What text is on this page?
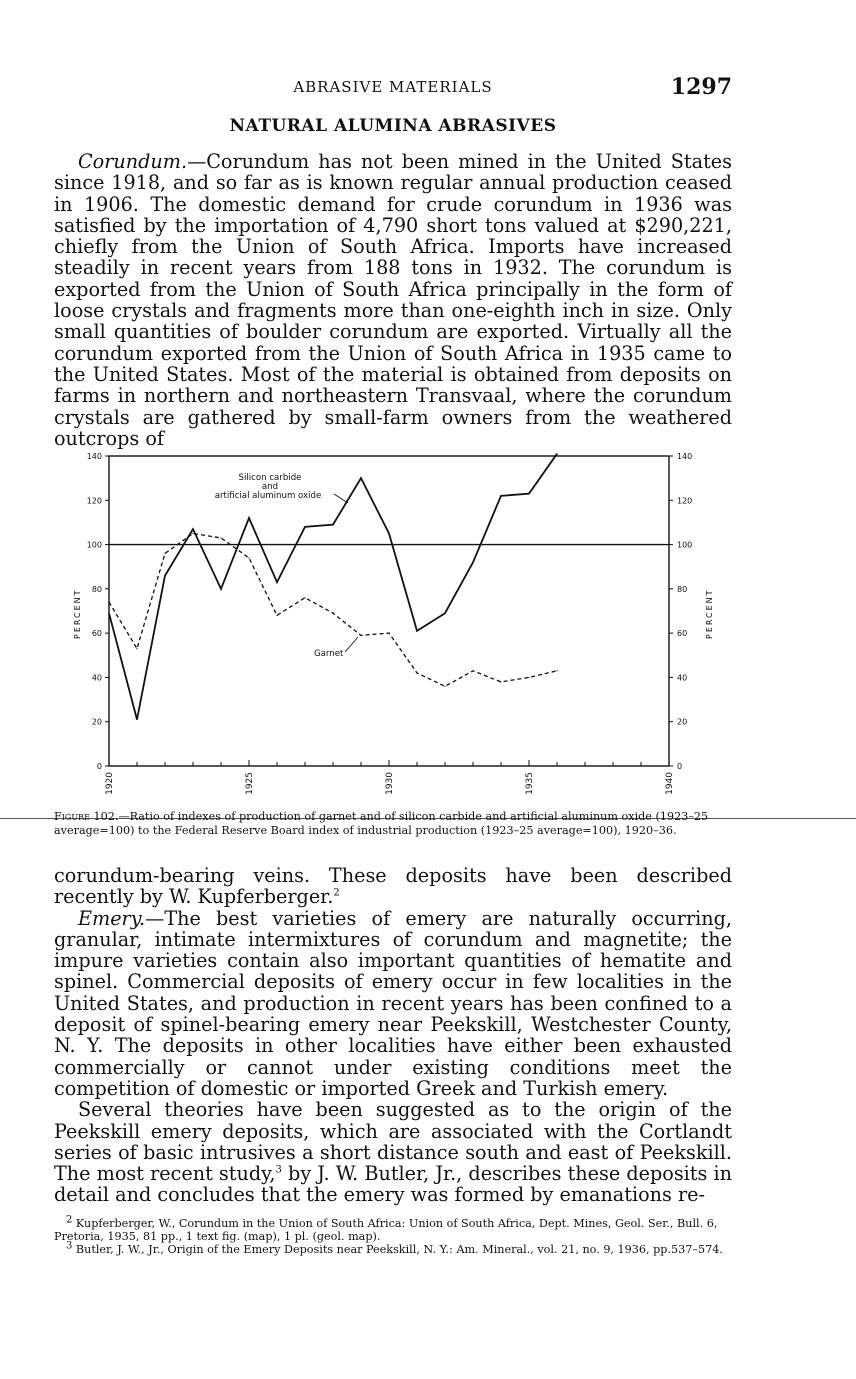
ABRASIVE MATERIALS	1297
NATURAL ALUMINA ABRASIVES

Corundum.—Corundum has not been mined in the United States since 1918, and so far as is known regular annual production ceased in 1906. The domestic demand for crude corundum in 1936 was satisfied by the importation of 4,790 short tons valued at $290,221, chiefly from the Union of South Africa. Imports have increased steadily in recent years from 188 tons in 1932. The corundum is exported from the Union of South Africa principally in the form of loose crystals and fragments more than one-eighth inch in size. Only small quantities of boulder corundum are exported. Virtually all the corundum exported from the Union of South Africa in 1935 came to the United States. Most of the material is obtained from deposits on farms in northern and northeastern Transvaal, where the corundum crystals are gathered by small-farm owners from the weathered outcrops of

0	0
20	20
40	40
60	60
80	80
100	100
120	120
140	140
1920	1925	1930	1935	1940
PERCENT	PERCENT
Silicon carbide
and
artificial aluminum oxide
Garnet
Figure 102.—Ratio of indexes of production of garnet and of silicon carbide and artificial aluminum oxide (1923–25 average=100) to the Federal Reserve Board index of industrial production (1923–25 average=100), 1920–36.

corundum-bearing veins. These deposits have been described recently by W. Kupferberger.$^2$

Emery.—The best varieties of emery are naturally occurring, granular, intimate intermixtures of corundum and magnetite; the impure varieties contain also important quantities of hematite and spinel. Commercial deposits of emery occur in few localities in the United States, and production in recent years has been confined to a deposit of spinel-bearing emery near Peekskill, Westchester County, N. Y. The deposits in other localities have either been exhausted commercially or cannot under existing conditions meet the competition of domestic or imported Greek and Turkish emery.

Several theories have been suggested as to the origin of the Peekskill emery deposits, which are associated with the Cortlandt series of basic intrusives a short distance south and east of Peekskill. The most recent study,$^3$ by J. W. Butler, Jr., describes these deposits in detail and concludes that the emery was formed by emanations re-

$^2$ Kupferberger, W., Corundum in the Union of South Africa: Union of South Africa, Dept. Mines, Geol. Ser., Bull. 6, Pretoria, 1935, 81 pp., 1 text fig. (map), 1 pl. (geol. map).

$^3$ Butler, J. W., Jr., Origin of the Emery Deposits near Peekskill, N. Y.: Am. Mineral., vol. 21, no. 9, 1936, pp.537–574.
